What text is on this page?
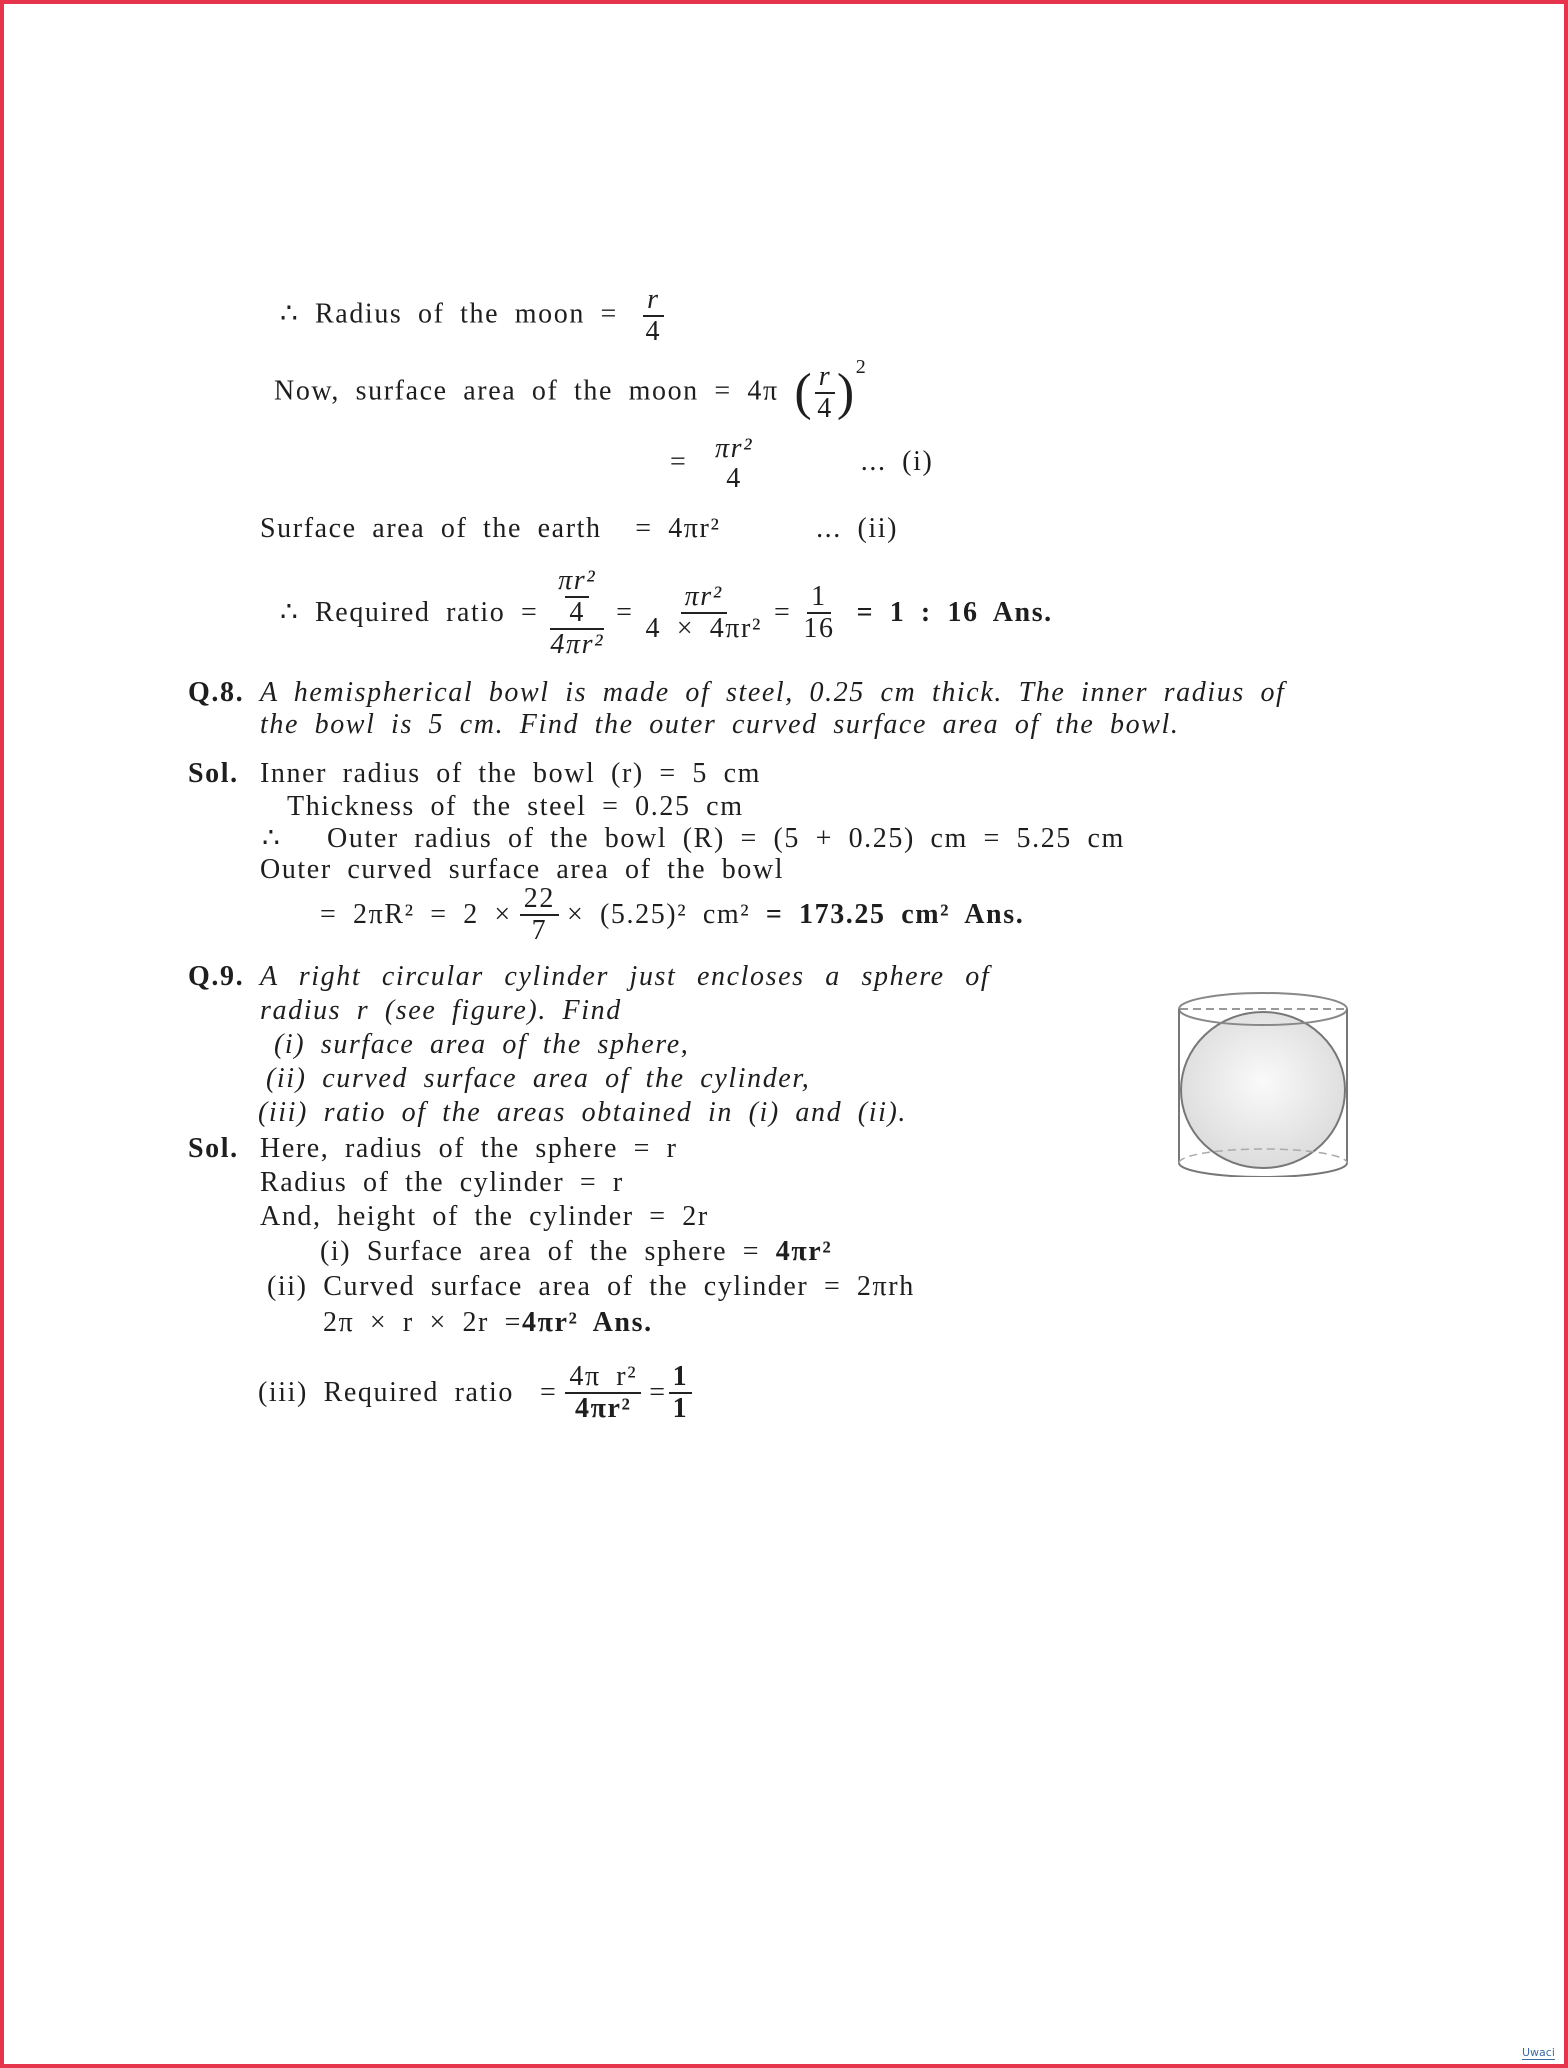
∴ Radius of the moon = $\frac{r}{4}$
Now, surface area of the moon = 4π ( $\frac{r}{4} )^2$
= πr²
4
... (i)
Surface area of the earth = 4πr²	... (ii)
∴
Required ratio = $\frac{\frac{\text{πr²}}{4}}{\text{4πr²}} = \frac{\text{πr²}}{\text{4 × 4πr²}} = \frac{1}{16} = 1$ : 16 Ans.
Q.8. A hemispherical bowl is made of steel, 0.25 cm thick. The inner radius of
the bowl is 5 cm. Find the outer curved surface area of the bowl.
Sol. Inner radius of the bowl (r) = 5 cm
Thickness of the steel = 0.25 cm
∴ Outer radius of the bowl (R) = (5 + 0.25) cm = 5.25 cm
Outer curved surface area of the bowl
= $2\pi R^2 = 2 \times \frac{22}{7} \times (5.25)^2$ cm²
= 173.25 cm² Ans.
Q.9. A right circular cylinder just encloses a sphere of
radius r (see figure). Find
(i) surface area of the sphere,
(ii) curved surface area of the cylinder,
(iii) ratio of the areas obtained in (i) and (ii).
Sol. Here, radius of the sphere = r
Radius of the cylinder = r
And, height of the cylinder = 2r
(i) Surface area of the sphere = 4πr²
(ii) Curved surface area of the cylinder = 2πrh
2π × r × 2r =4πr² Ans.
(iii) Required ratio = $\frac{\text{4π r²}}{\text{4πr²}} = \frac{1}{1}$
Uwaci
